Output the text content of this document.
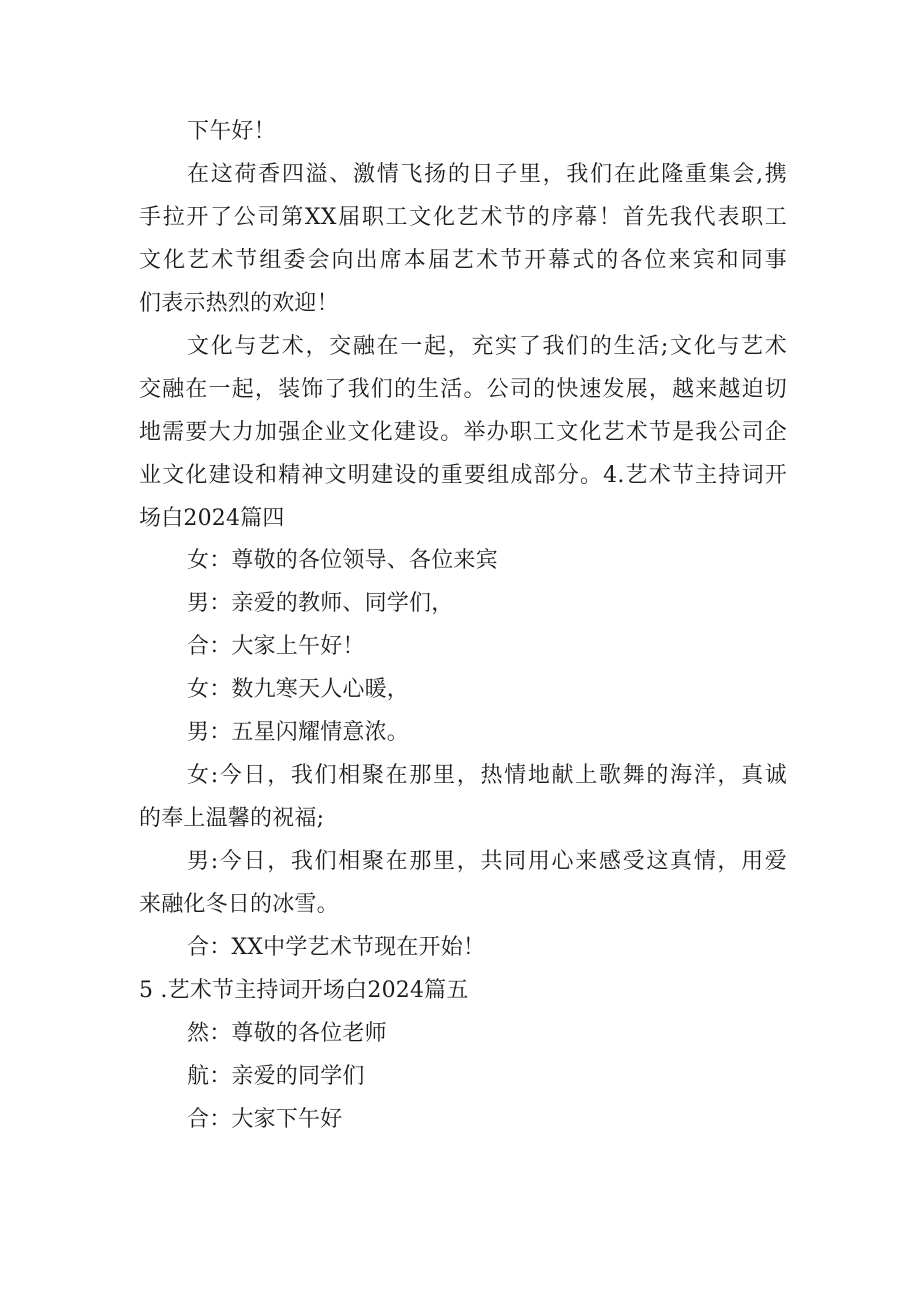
下午好！
在这荷香四溢、激情飞扬的日子里，我们在此隆重集会,携
手拉开了公司第XX届职工文化艺术节的序幕！首先我代表职工
文化艺术节组委会向出席本届艺术节开幕式的各位来宾和同事
们表示热烈的欢迎！
文化与艺术，交融在一起，充实了我们的生活;文化与艺术
交融在一起，装饰了我们的生活。公司的快速发展，越来越迫切
地需要大力加强企业文化建设。举办职工文化艺术节是我公司企
业文化建设和精神文明建设的重要组成部分。4.艺术节主持词开
场白2024篇四
女：尊敬的各位领导、各位来宾
男：亲爱的教师、同学们，
合：大家上午好！
女：数九寒天人心暖，
男：五星闪耀情意浓。
女:今日，我们相聚在那里，热情地献上歌舞的海洋，真诚
的奉上温馨的祝福;
男:今日，我们相聚在那里，共同用心来感受这真情，用爱
来融化冬日的冰雪。
合：XX中学艺术节现在开始！
5 .艺术节主持词开场白2024篇五
然：尊敬的各位老师
航：亲爱的同学们
合：大家下午好
